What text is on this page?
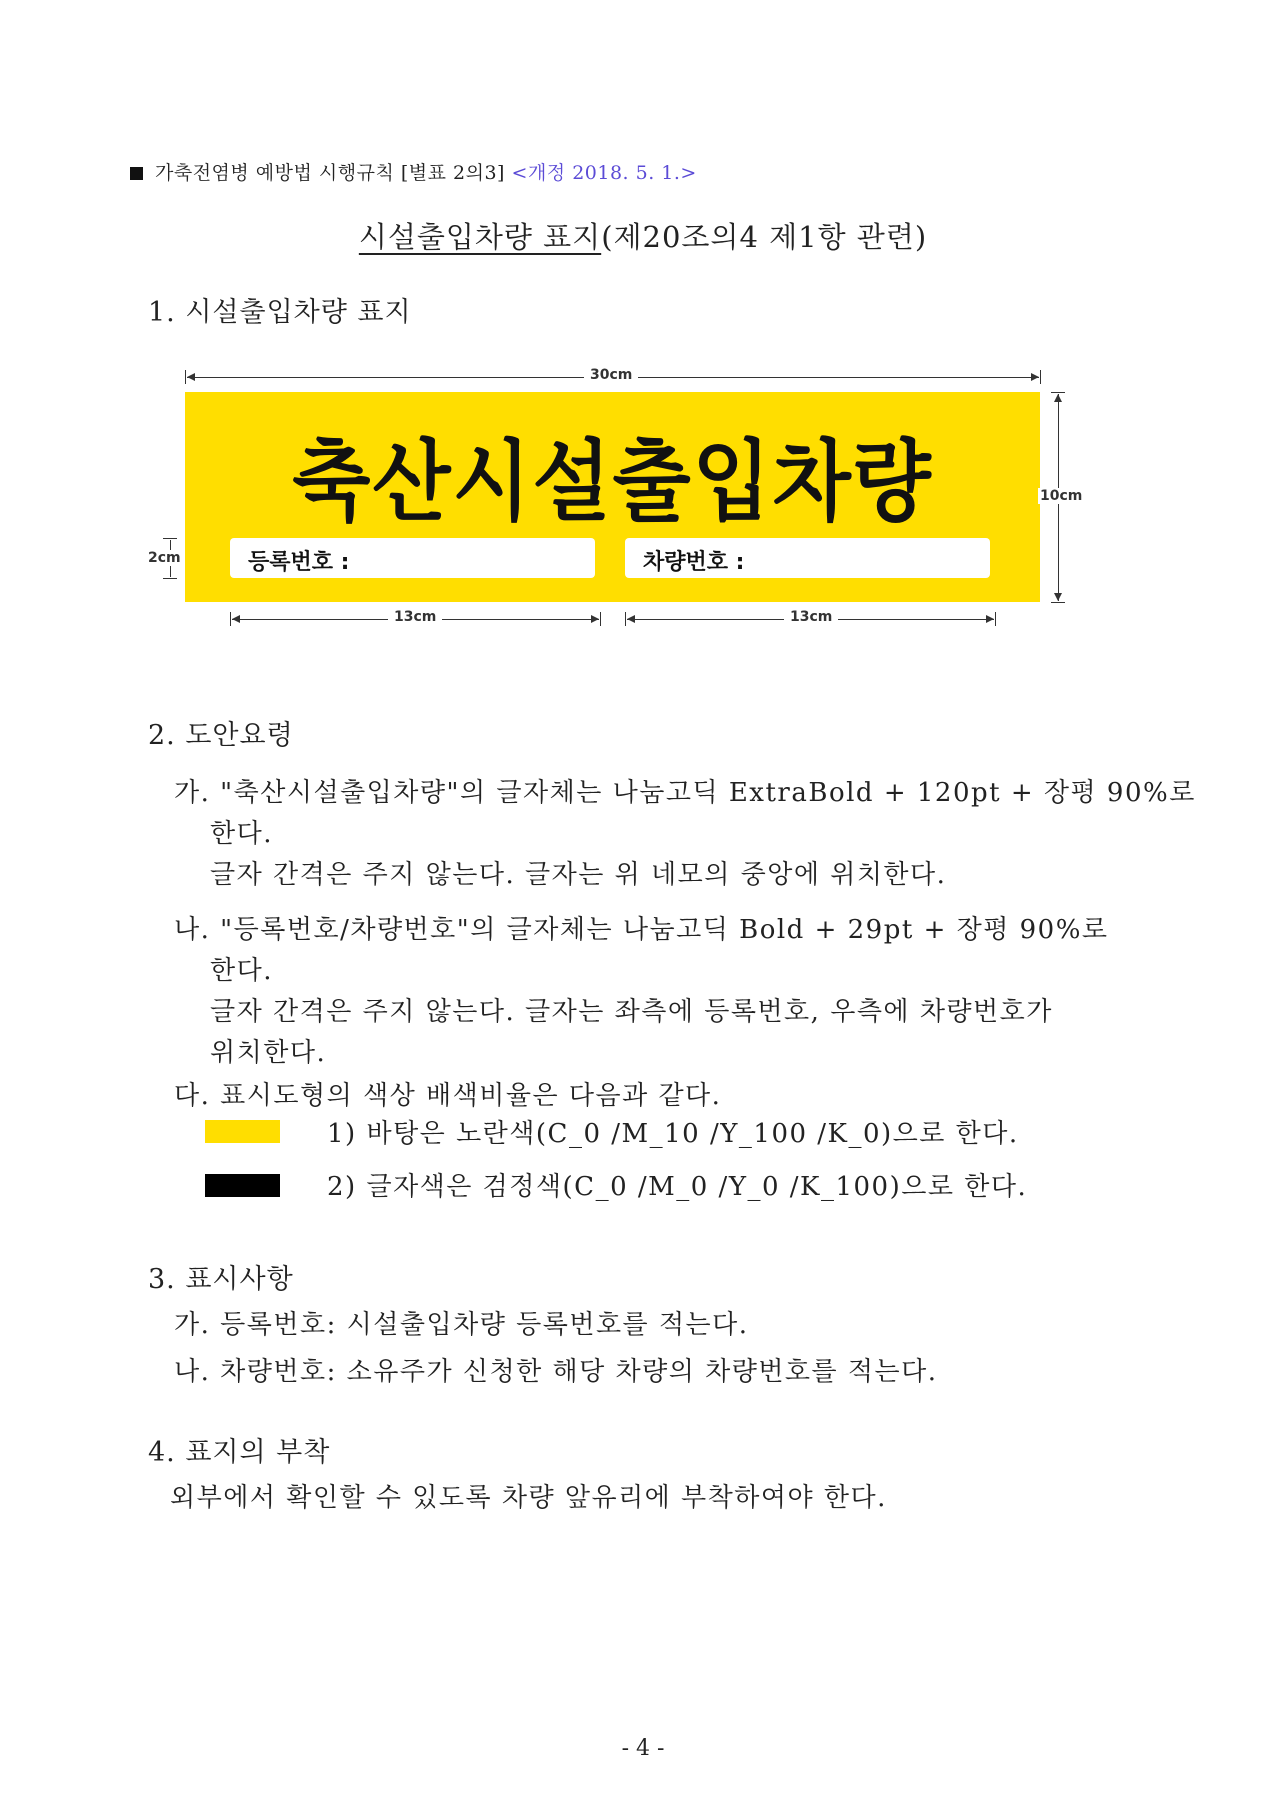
가축전염병 예방법 시행규칙 [별표 2의3] <개정 2018. 5. 1.>
시설출입차량 표지(제20조의4 제1항 관련)
1. 시설출입차량 표지
30cm
축산시설출입차량
등록번호 :	차량번호 :
10cm
2cm
13cm	13cm
2. 도안요령
가. "축산시설출입차량"의 글자체는 나눔고딕 ExtraBold + 120pt + 장평 90%로
한다.
글자 간격은 주지 않는다. 글자는 위 네모의 중앙에 위치한다.
나. "등록번호/차량번호"의 글자체는 나눔고딕 Bold + 29pt + 장평 90%로
한다.
글자 간격은 주지 않는다. 글자는 좌측에 등록번호, 우측에 차량번호가
위치한다.
다. 표시도형의 색상 배색비율은 다음과 같다.
1) 바탕은 노란색(C_0 /M_10 /Y_100 /K_0)으로 한다.
2) 글자색은 검정색(C_0 /M_0 /Y_0 /K_100)으로 한다.
3. 표시사항
가. 등록번호: 시설출입차량 등록번호를 적는다.
나. 차량번호: 소유주가 신청한 해당 차량의 차량번호를 적는다.
4. 표지의 부착
외부에서 확인할 수 있도록 차량 앞유리에 부착하여야 한다.
- 4 -
